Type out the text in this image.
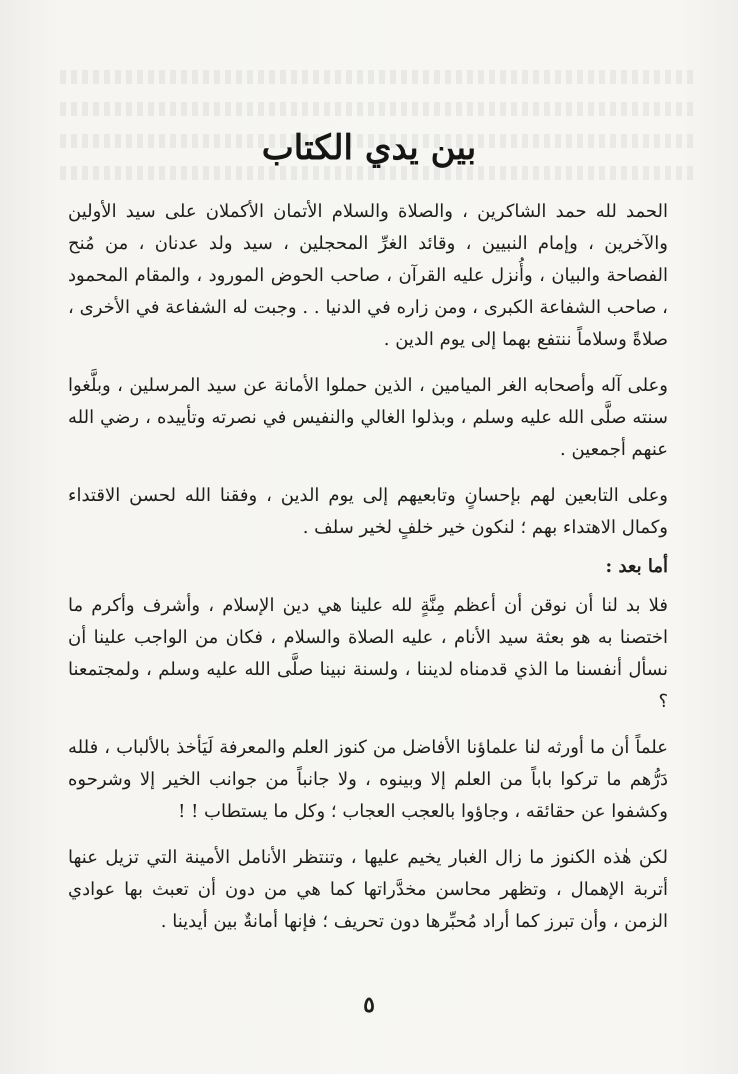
بين يدي الكتاب

الحمد لله حمد الشاكرين ، والصلاة والسلام الأتمان الأكملان على سيد الأولين والآخرين ، وإمام النبيين ، وقائد الغرِّ المحجلين ، سيد ولد عدنان ، من مُنح الفصاحة والبيان ، وأُنزل عليه القرآن ، صاحب الحوض المورود ، والمقام المحمود ، صاحب الشفاعة الكبرى ، ومن زاره في الدنيا . . وجبت له الشفاعة في الأخرى ، صلاةً وسلاماً ننتفع بهما إلى يوم الدين .

وعلى آله وأصحابه الغر الميامين ، الذين حملوا الأمانة عن سيد المرسلين ، وبلَّغوا سنته صلَّى الله عليه وسلم ، وبذلوا الغالي والنفيس في نصرته وتأييده ، رضي الله عنهم أجمعين .

وعلى التابعين لهم بإحسانٍ وتابعيهم إلى يوم الدين ، وفقنا الله لحسن الاقتداء وكمال الاهتداء بهم ؛ لنكون خير خلفٍ لخير سلف .

أما بعد :

فلا بد لنا أن نوقن أن أعظم مِنَّةٍ لله علينا هي دين الإسلام ، وأشرف وأكرم ما اختصنا به هو بعثة سيد الأنام ، عليه الصلاة والسلام ، فكان من الواجب علينا أن نسأل أنفسنا ما الذي قدمناه لديننا ، ولسنة نبينا صلَّى الله عليه وسلم ، ولمجتمعنا ؟

علماً أن ما أورثه لنا علماؤنا الأفاضل من كنوز العلم والمعرفة لَيَأخذ بالألباب ، فلله دَرُّهم ما تركوا باباً من العلم إلا وبينوه ، ولا جانباً من جوانب الخير إلا وشرحوه وكشفوا عن حقائقه ، وجاؤوا بالعجب العجاب ؛ وكل ما يستطاب ! !

لكن هٰذه الكنوز ما زال الغبار يخيم عليها ، وتنتظر الأنامل الأمينة التي تزيل عنها أتربة الإهمال ، وتظهر محاسن مخدَّراتها كما هي من دون أن تعبث بها عوادي الزمن ، وأن تبرز كما أراد مُحبِّرها دون تحريف ؛ فإنها أمانةٌ بين أيدينا .

٥
